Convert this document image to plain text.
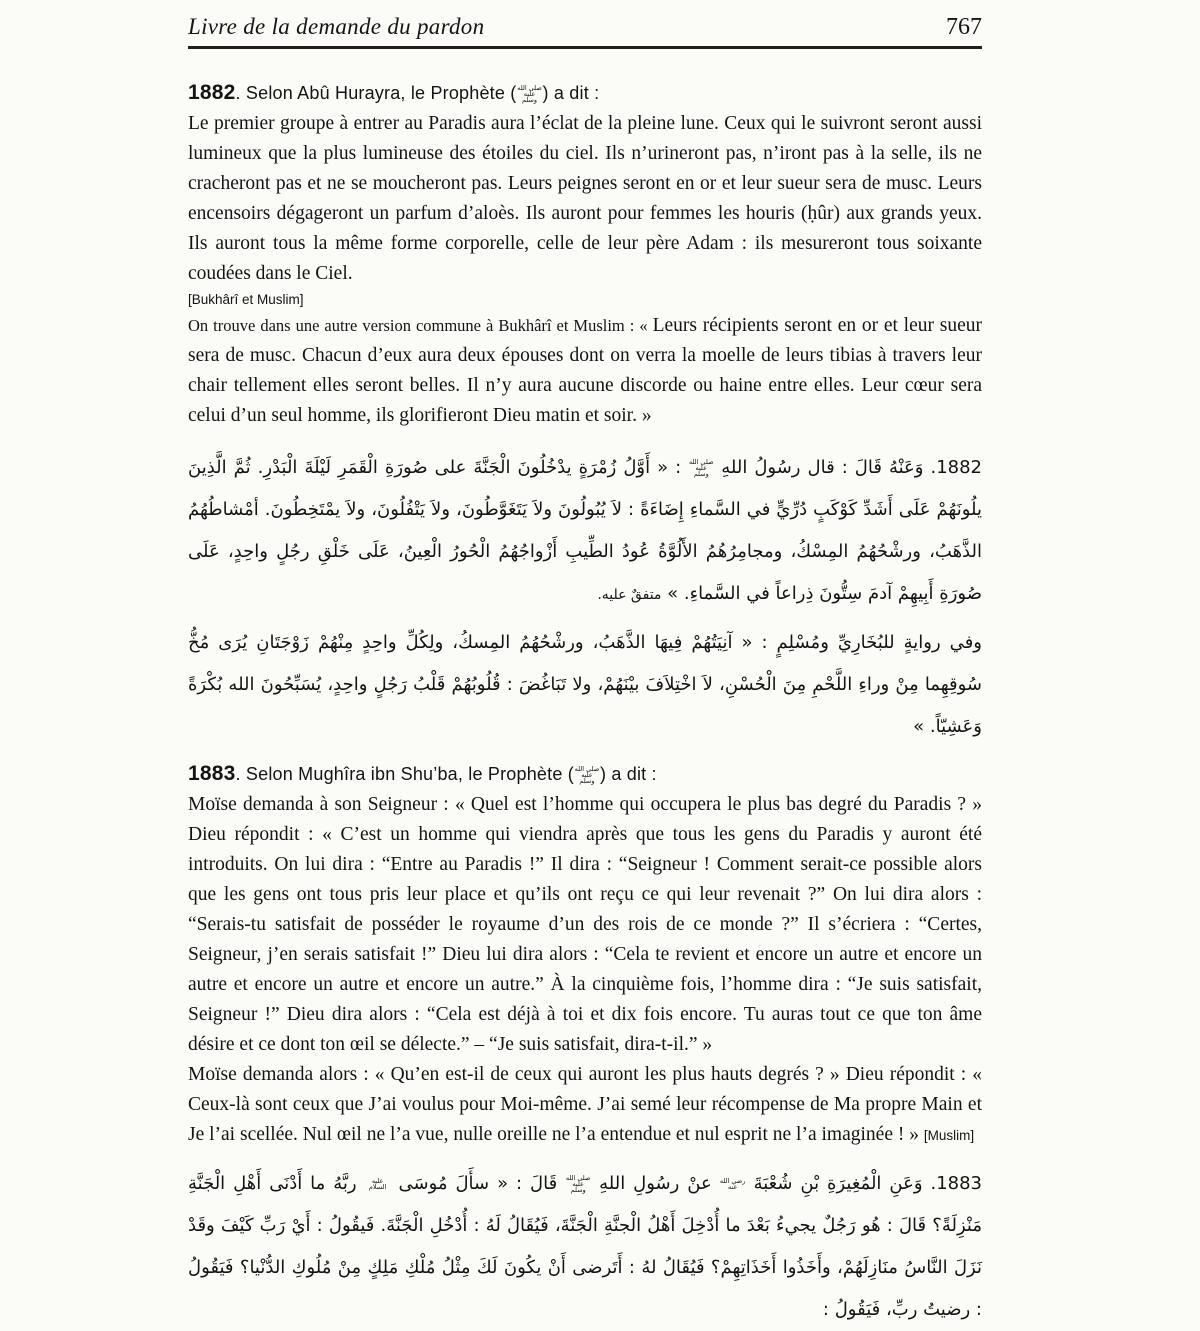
Livre de la demande du pardon	767
1882. Selon Abû Hurayra, le Prophète (صلى الله عليه وسلم ) a dit :

Le premier groupe à entrer au Paradis aura l’éclat de la pleine lune. Ceux qui le suivront seront aussi lumineux que la plus lumineuse des étoiles du ciel. Ils n’urineront pas, n’iront pas à la selle, ils ne cracheront pas et ne se moucheront pas. Leurs peignes seront en or et leur sueur sera de musc. Leurs encensoirs dégageront un parfum d’aloès. Ils auront pour femmes les houris (ḥûr) aux grands yeux. Ils auront tous la même forme corporelle, celle de leur père Adam : ils mesureront tous soixante coudées dans le Ciel.

[Bukhârî et Muslim]

On trouve dans une autre version commune à Bukhârî et Muslim : « Leurs récipients seront en or et leur sueur sera de musc. Chacun d’eux aura deux épouses dont on verra la moelle de leurs tibias à travers leur chair tellement elles seront belles. Il n’y aura aucune discorde ou haine entre elles. Leur cœur sera celui d’un seul homme, ils glorifieront Dieu matin et soir. »

1882. وَعَنْهُ قَالَ : قال رسُولُ اللهِ صلى الله عليه وسلم : « أَوَّلُ زُمْرَةٍ يدْخُلُونَ الْجَنَّةَ على صُورَةِ الْقَمَرِ لَيْلَةَ الْبَدْرِ. ثُمَّ الَّذِينَ يلُونَهُمْ عَلَى أَشَدِّ كَوْكَبٍ دُرِّيٍّ في السَّماءِ إِضَاءَةً : لاَ يُبُولُونَ ولاَ يَتَغَوَّطُونَ، ولاَ يَتْفُلُونَ، ولاَ يمْتَخِطُونَ. أمْشاطُهُمُ الذَّهَبُ، ورشْحُهُمُ المِسْكُ، ومجامِرُهُمُ الأَلُوَّةُ عُودُ الطِّيبِ أَزْواجُهُمُ الْحُورُ الْعِينُ، عَلَى خَلْقِ رجُلٍ واحِدٍ، عَلَى صُورَةِ أَبِيهِمْ آدمَ سِتُّونَ ذِراعاً في السَّماءِ. » متفقٌ عليه.

وفي روايةٍ للبُخَارِيِّ ومُسْلِمٍ : « آنِيَتُهُمْ فِيهَا الذَّهَبُ، ورشْحُهُمُ المِسكُ، ولِكُلِّ واحِدٍ مِنْهُمْ زَوْجَتَانِ يُرَى مُخُّ سُوقِهِما مِنْ وراءِ اللَّحْمِ مِنَ الْحُسْنِ، لاَ اخْتِلاَفَ بيْنَهُمْ، ولا تَبَاغُضَ : قُلُوبُهُمْ قَلْبُ رَجُلٍ واحِدٍ، يُسَبِّحُونَ الله بُكْرَةً وَعَشِيّاً. »

1883. Selon Mughîra ibn Shu’ba, le Prophète (صلى الله عليه وسلم ) a dit :

Moïse demanda à son Seigneur : « Quel est l’homme qui occupera le plus bas degré du Paradis ? » Dieu répondit : « C’est un homme qui viendra après que tous les gens du Paradis y auront été introduits. On lui dira : “Entre au Paradis !” Il dira : “Seigneur ! Comment serait-ce possible alors que les gens ont tous pris leur place et qu’ils ont reçu ce qui leur revenait ?” On lui dira alors : “Serais-tu satisfait de posséder le royaume d’un des rois de ce monde ?” Il s’écriera : “Certes, Seigneur, j’en serais satisfait !” Dieu lui dira alors : “Cela te revient et encore un autre et encore un autre et encore un autre et encore un autre.” À la cinquième fois, l’homme dira : “Je suis satisfait, Seigneur !” Dieu dira alors : “Cela est déjà à toi et dix fois encore. Tu auras tout ce que ton âme désire et ce dont ton œil se délecte.” – “Je suis satisfait, dira-t-il.” »

Moïse demanda alors : « Qu’en est-il de ceux qui auront les plus hauts degrés ? » Dieu répondit : « Ceux-là sont ceux que J’ai voulus pour Moi-même. J’ai semé leur récompense de Ma propre Main et Je l’ai scellée. Nul œil ne l’a vue, nulle oreille ne l’a entendue et nul esprit ne l’a imaginée ! » [Muslim]

1883. وَعَنِ الْمُغِيرَةِ بْنِ شُعْبَةَ رضي الله عنه عنْ رسُولِ اللهِ صلى الله عليه وسلم قَالَ : « سأَلَ مُوسَى عليه السلام ربَّهُ ما أَدْنَى أَهْلِ الْجَنَّةِ مَنْزِلَةً؟ قَالَ : هُو رَجُلٌ يجيءُ بَعْدَ ما أُدْخِلَ أَهْلُ الْجنَّةِ الْجَنَّةَ، فَيُقَالُ لَهُ : أُدْخُلِ الْجَنَّةَ. فَيقُولُ : أَيْ رَبِّ كَيْفَ وقَدْ نَزَلَ النَّاسُ منَازِلَهُمْ، وأَخَذُوا أَخَذَاتِهِمْ؟ فَيُقَالُ لهُ : أَتَرضى أَنْ يكُونَ لَكَ مِثْلُ مُلْكِ مَلِكٍ مِنْ مُلُوكِ الدُّنْيا؟ فَيَقُولُ : رضيتُ ربِّ، فَيَقُولُ :
